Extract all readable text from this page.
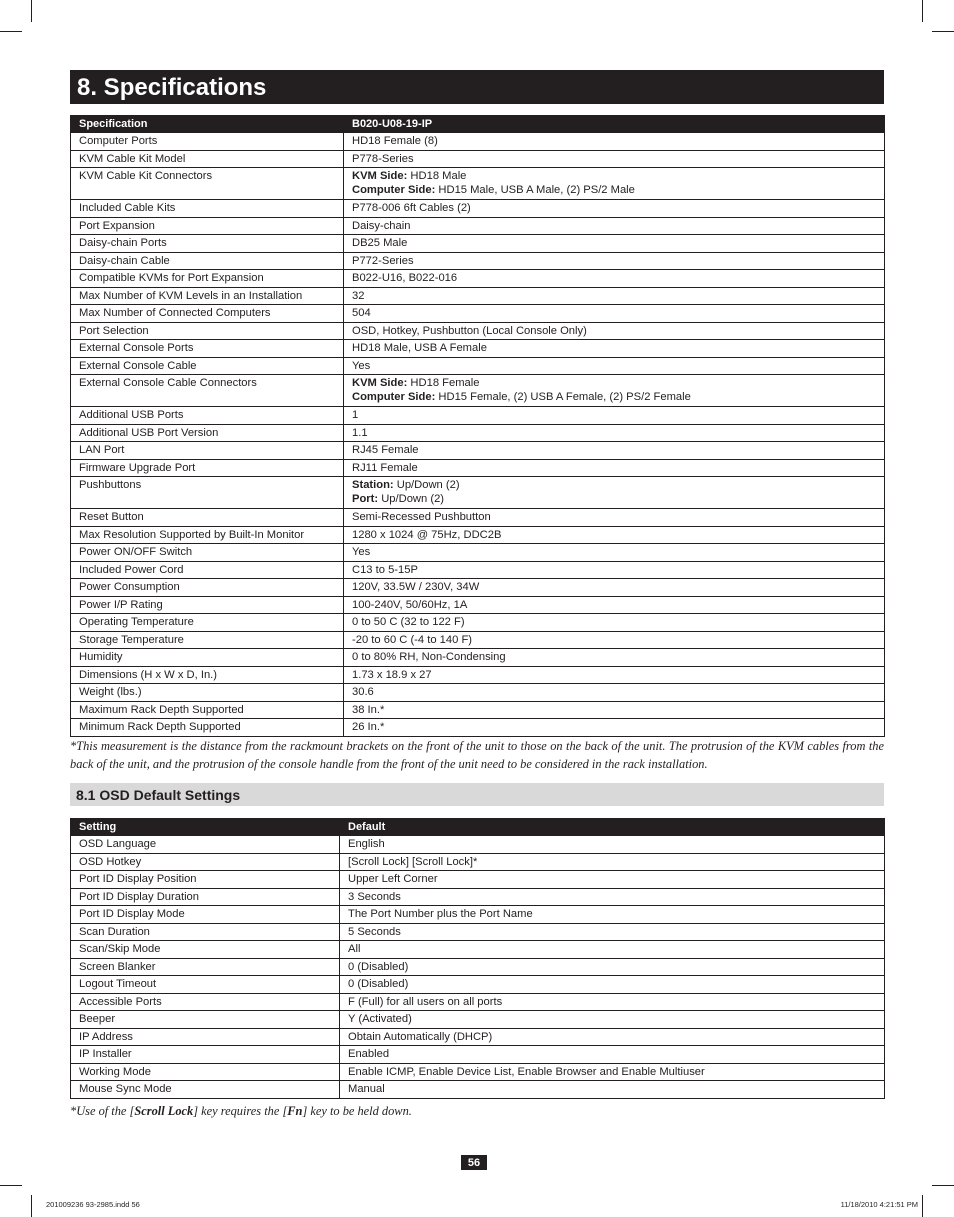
8. Specifications
Specification	B020-U08-19-IP
Computer Ports	HD18 Female (8)
KVM Cable Kit Model	P778-Series
KVM Cable Kit Connectors	KVM Side: HD18 Male
Computer Side: HD15 Male, USB A Male, (2) PS/2 Male
Included Cable Kits	P778-006 6ft Cables (2)
Port Expansion	Daisy-chain
Daisy-chain Ports	DB25 Male
Daisy-chain Cable	P772-Series
Compatible KVMs for Port Expansion	B022-U16, B022-016
Max Number of KVM Levels in an Installation	32
Max Number of Connected Computers	504
Port Selection	OSD, Hotkey, Pushbutton (Local Console Only)
External Console Ports	HD18 Male, USB A Female
External Console Cable	Yes
External Console Cable Connectors	KVM Side: HD18 Female
Computer Side: HD15 Female, (2) USB A Female, (2) PS/2 Female
Additional USB Ports	1
Additional USB Port Version	1.1
LAN Port	RJ45 Female
Firmware Upgrade Port	RJ11 Female
Pushbuttons	Station: Up/Down (2)
Port: Up/Down (2)
Reset Button	Semi-Recessed Pushbutton
Max Resolution Supported by Built-In Monitor	1280 x 1024 @ 75Hz, DDC2B
Power ON/OFF Switch	Yes
Included Power Cord	C13 to 5-15P
Power Consumption	120V, 33.5W / 230V, 34W
Power I/P Rating	100-240V, 50/60Hz, 1A
Operating Temperature	0 to 50 C (32 to 122 F)
Storage Temperature	-20 to 60 C (-4 to 140 F)
Humidity	0 to 80% RH, Non-Condensing
Dimensions (H x W x D, In.)	1.73 x 18.9 x 27
Weight (lbs.)	30.6
Maximum Rack Depth Supported	38 In.*
Minimum Rack Depth Supported	26 In.*
*This measurement is the distance from the rackmount brackets on the front of the unit to those on the back of the unit. The protrusion of the KVM cables from the back of the unit, and the protrusion of the console handle from the front of the unit need to be considered in the rack installation.
8.1 OSD Default Settings
Setting	Default
OSD Language	English
OSD Hotkey	[Scroll Lock] [Scroll Lock]*
Port ID Display Position	Upper Left Corner
Port ID Display Duration	3 Seconds
Port ID Display Mode	The Port Number plus the Port Name
Scan Duration	5 Seconds
Scan/Skip Mode	All
Screen Blanker	0 (Disabled)
Logout Timeout	0 (Disabled)
Accessible Ports	F (Full) for all users on all ports
Beeper	Y (Activated)
IP Address	Obtain Automatically (DHCP)
IP Installer	Enabled
Working Mode	Enable ICMP, Enable Device List, Enable Browser and Enable Multiuser
Mouse Sync Mode	Manual
*Use of the [Scroll Lock] key requires the [Fn] key to be held down.
56
201009236 93-2985.indd 56	11/18/2010 4:21:51 PM
